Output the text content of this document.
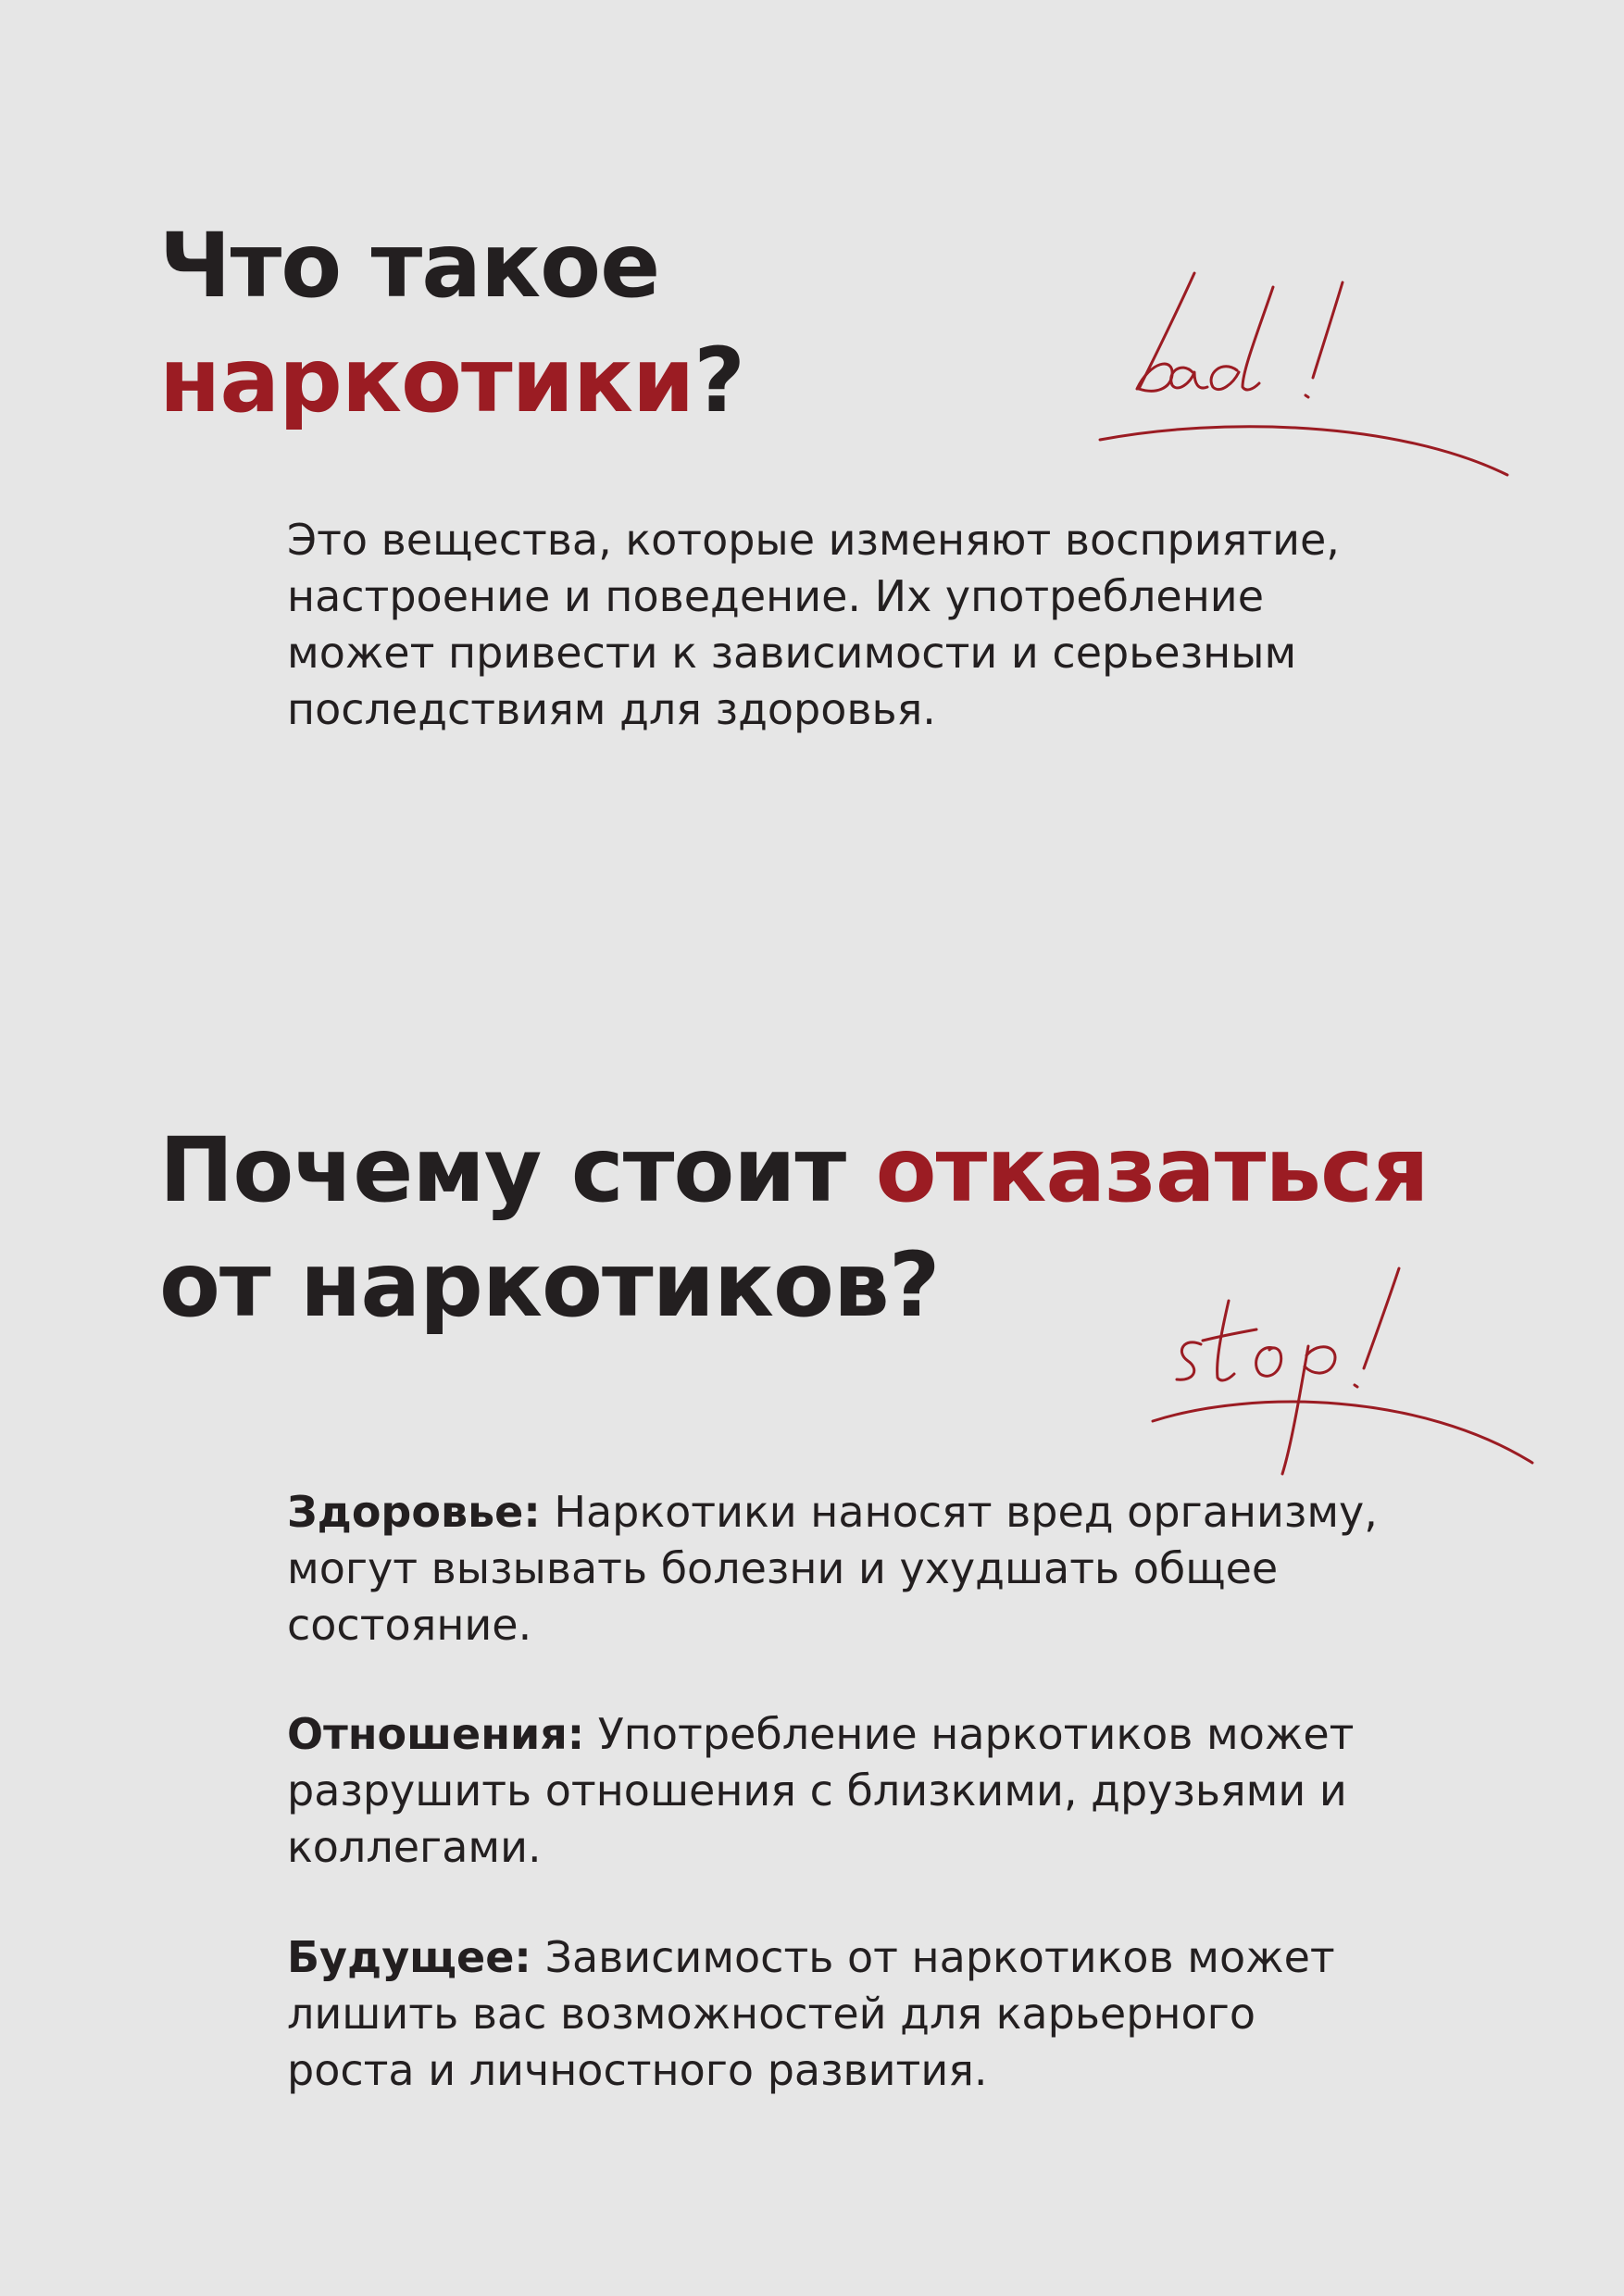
Что такое
наркотики?

Это вещества, которые изменяют восприятие,
настроение и поведение. Их употребление
может привести к зависимости и серьезным
последствиям для здоровья.

Почему стоит отказаться
от наркотиков?

Здоровье: Наркотики наносят вред организму,
могут вызывать болезни и ухудшать общее
состояние.

Отношения: Употребление наркотиков может
разрушить отношения с близкими, друзьями и
коллегами.

Будущее: Зависимость от наркотиков может
лишить вас возможностей для карьерного
роста и личностного развития.
